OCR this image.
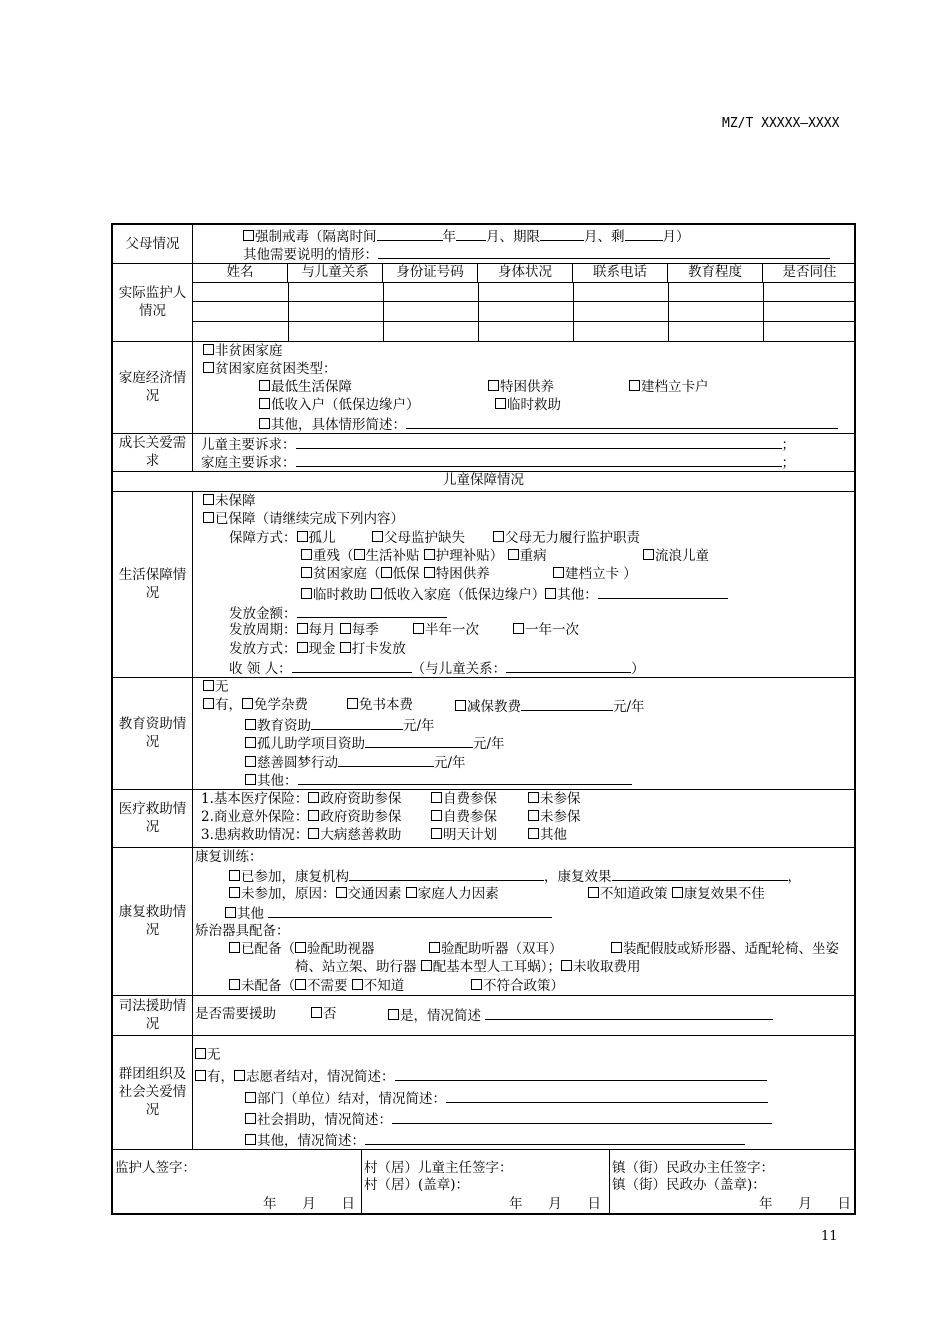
MZ/T XXXXX—XXXX
父母情况	强制戒毒（隔离时间	年 月、期限	月、剩	月）
其他需要说明的情形：
实际监护人情况
姓名	与儿童关系	身份证号码	身体状况	联系电话	教育程度	是否同住
家庭经济情况
非贫困家庭
贫困家庭贫困类型：
最低生活保障	特困供养	建档立卡户
低收入户（低保边缘户）	临时救助
其他，具体情形简述：
成长关爱需求
儿童主要诉求：	；
家庭主要诉求：	；
儿童保障情况
生活保障情况
未保障
已保障（请继续完成下列内容）
保障方式： 孤儿	父母监护缺失	父母无力履行监护职责
重残（ 生活补贴 护理补贴） 重病	流浪儿童
贫困家庭（ 低保 特困供养	建档立卡 ）
临时救助 低收入家庭（低保边缘户） 其他：
发放金额：
发放周期： 每月 每季	半年一次	一年一次
发放方式： 现金 打卡发放
收 领 人：	（与儿童关系：	）
教育资助情况
无
有， 免学杂费	免书本费	减保教费	元/年
教育资助	元/年
孤儿助学项目资助	元/年
慈善圆梦行动	元/年
其他：
医疗救助情况
1.基本医疗保险： 政府资助参保	自费参保	未参保
2.商业意外保险： 政府资助参保	自费参保	未参保
3.患病救助情况： 大病慈善救助	明天计划	其他
康复救助情况
康复训练：
已参加，康复机构	，康复效果	，
未参加，原因： 交通因素 家庭人力因素	不知道政策 康复效果不佳
其他
矫治器具配备：
已配备（ 验配助视器	验配助听器（双耳）	装配假肢或矫形器、适配轮椅、坐姿
椅、站立架、助行器 配基本型人工耳蜗）； 未收取费用
未配备（ 不需要 不知道	不符合政策）
司法援助情况
是否需要援助	否	是，情况简述
群团组织及社会关爱情况
无
有， 志愿者结对，情况简述：
部门（单位）结对，情况简述：
社会捐助，情况简述：
其他，情况简述：
监护人签字：
年 月 日
村（居）儿童主任签字：
村（居）(盖章)：
年 月 日
镇（街）民政办主任签字：
镇（街）民政办（盖章)：
年 月 日
11
